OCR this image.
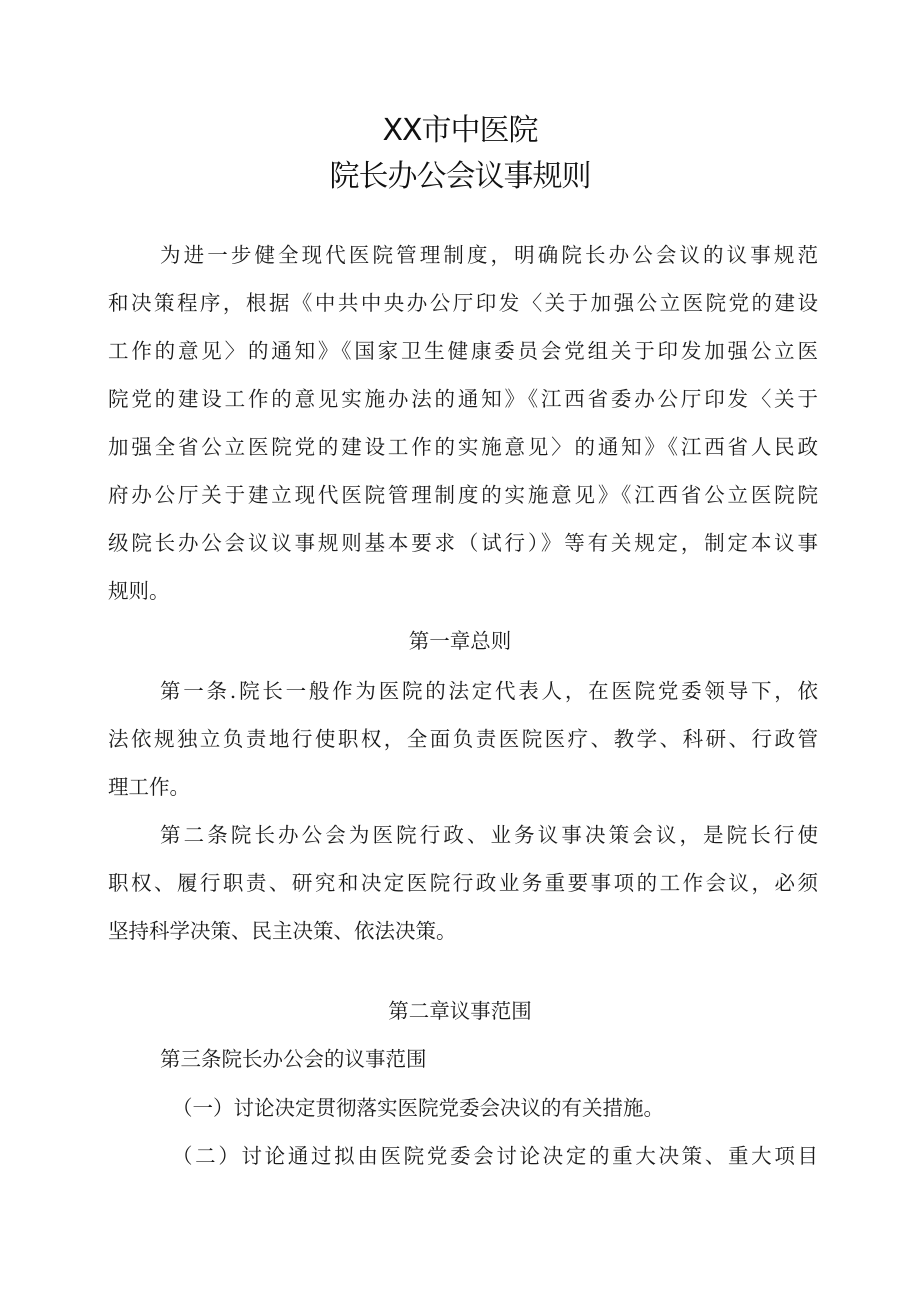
XX市中医院
院长办公会议事规则
为进一步健全现代医院管理制度，明确院长办公会议的议事规范
和决策程序，根据《中共中央办公厅印发〈关于加强公立医院党的建设
工作的意见〉的通知》《国家卫生健康委员会党组关于印发加强公立医
院党的建设工作的意见实施办法的通知》《江西省委办公厅印发〈关于
加强全省公立医院党的建设工作的实施意见〉的通知》《江西省人民政
府办公厅关于建立现代医院管理制度的实施意见》《江西省公立医院院
级院长办公会议议事规则基本要求（试行）》等有关规定，制定本议事
规则。
第一章总则
第一条.院长一般作为医院的法定代表人，在医院党委领导下，依
法依规独立负责地行使职权，全面负责医院医疗、教学、科研、行政管
理工作。
第二条院长办公会为医院行政、业务议事决策会议，是院长行使
职权、履行职责、研究和决定医院行政业务重要事项的工作会议，必须
坚持科学决策、民主决策、依法决策。
第二章议事范围
第三条院长办公会的议事范围
（一）讨论决定贯彻落实医院党委会决议的有关措施。
（二）讨论通过拟由医院党委会讨论决定的重大决策、重大项目
